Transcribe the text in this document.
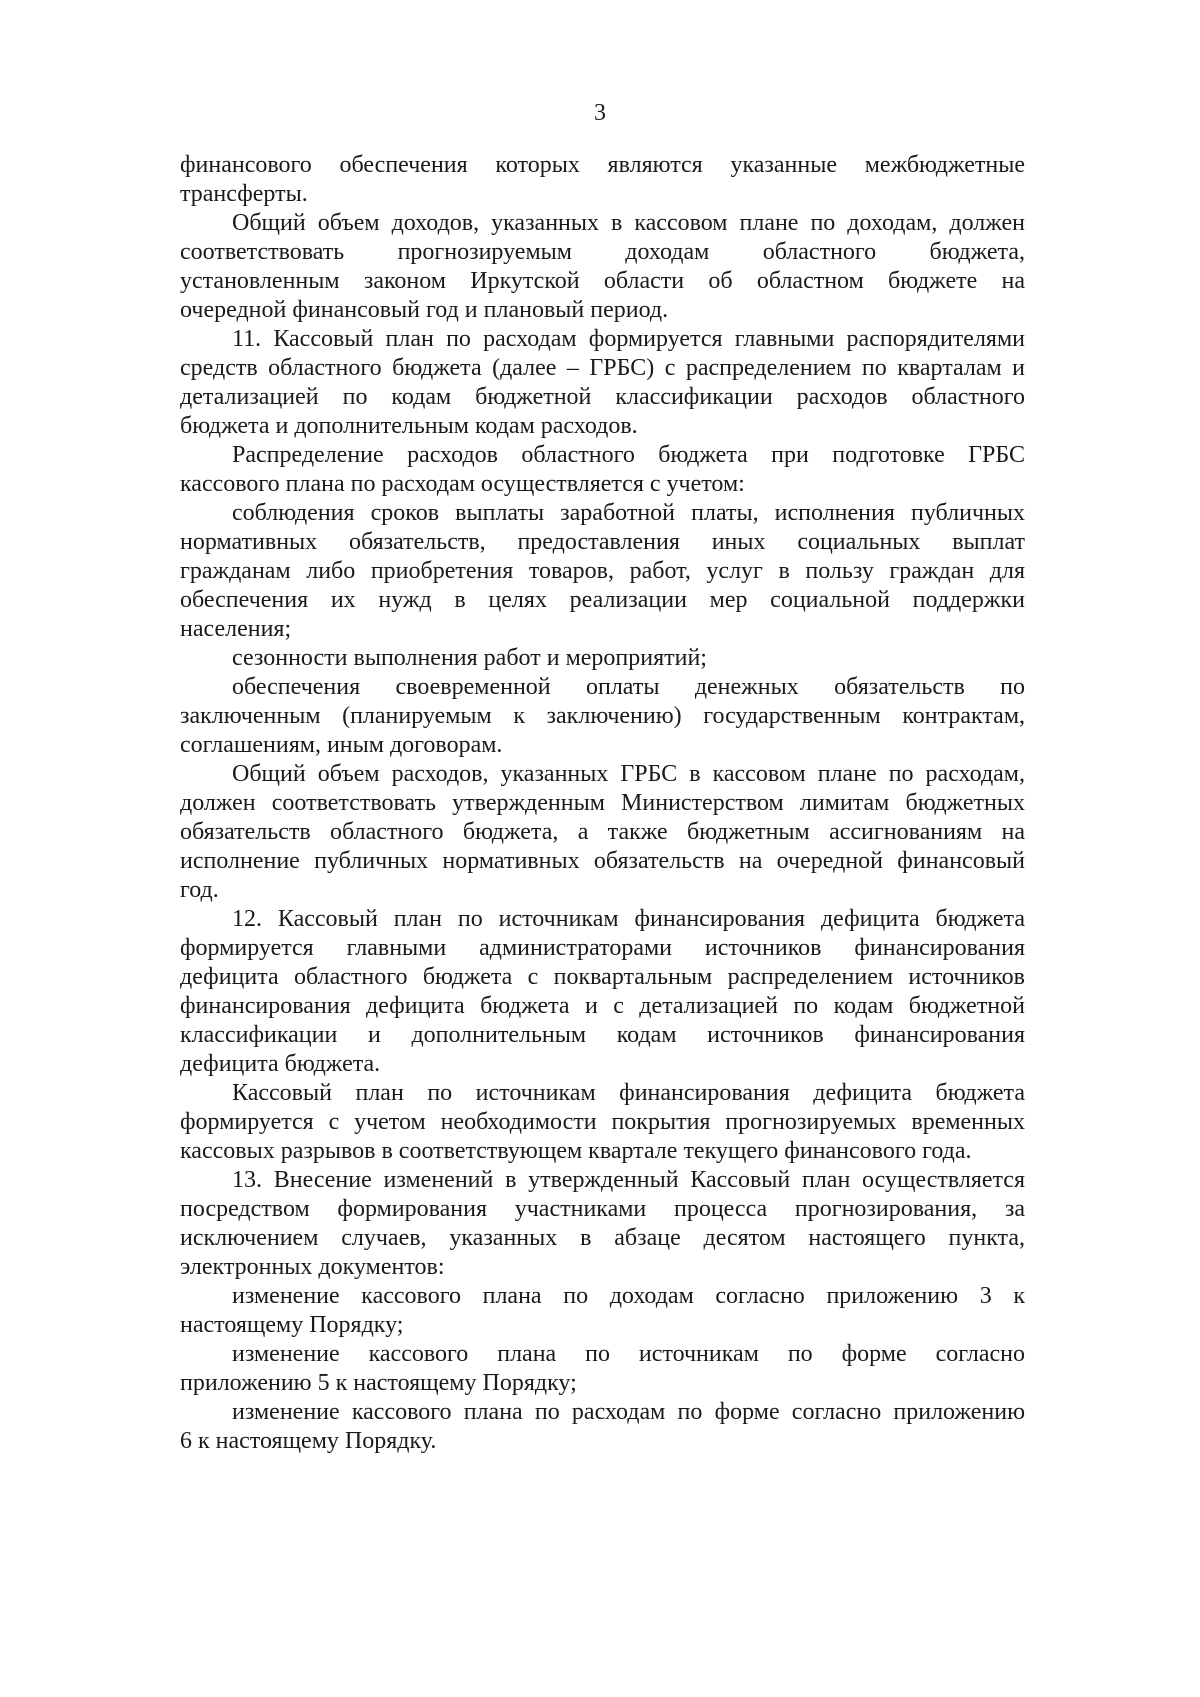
3
финансового обеспечения которых являются указанные межбюджетные
трансферты.
Общий объем доходов, указанных в кассовом плане по доходам, должен
соответствовать прогнозируемым доходам областного бюджета,
установленным законом Иркутской области об областном бюджете на
очередной финансовый год и плановый период.
11. Кассовый план по расходам формируется главными распорядителями
средств областного бюджета (далее – ГРБС) с распределением по кварталам и
детализацией по кодам бюджетной классификации расходов областного
бюджета и дополнительным кодам расходов.
Распределение расходов областного бюджета при подготовке ГРБС
кассового плана по расходам осуществляется с учетом:
соблюдения сроков выплаты заработной платы, исполнения публичных
нормативных обязательств, предоставления иных социальных выплат
гражданам либо приобретения товаров, работ, услуг в пользу граждан для
обеспечения их нужд в целях реализации мер социальной поддержки
населения;
сезонности выполнения работ и мероприятий;
обеспечения своевременной оплаты денежных обязательств по
заключенным (планируемым к заключению) государственным контрактам,
соглашениям, иным договорам.
Общий объем расходов, указанных ГРБС в кассовом плане по расходам,
должен соответствовать утвержденным Министерством лимитам бюджетных
обязательств областного бюджета, а также бюджетным ассигнованиям на
исполнение публичных нормативных обязательств на очередной финансовый
год.
12. Кассовый план по источникам финансирования дефицита бюджета
формируется главными администраторами источников финансирования
дефицита областного бюджета с поквартальным распределением источников
финансирования дефицита бюджета и с детализацией по кодам бюджетной
классификации и дополнительным кодам источников финансирования
дефицита бюджета.
Кассовый план по источникам финансирования дефицита бюджета
формируется с учетом необходимости покрытия прогнозируемых временных
кассовых разрывов в соответствующем квартале текущего финансового года.
13. Внесение изменений в утвержденный Кассовый план осуществляется
посредством формирования участниками процесса прогнозирования, за
исключением случаев, указанных в абзаце десятом настоящего пункта,
электронных документов:
изменение кассового плана по доходам согласно приложению 3 к
настоящему Порядку;
изменение кассового плана по источникам по форме согласно
приложению 5 к настоящему Порядку;
изменение кассового плана по расходам по форме согласно приложению
6 к настоящему Порядку.
